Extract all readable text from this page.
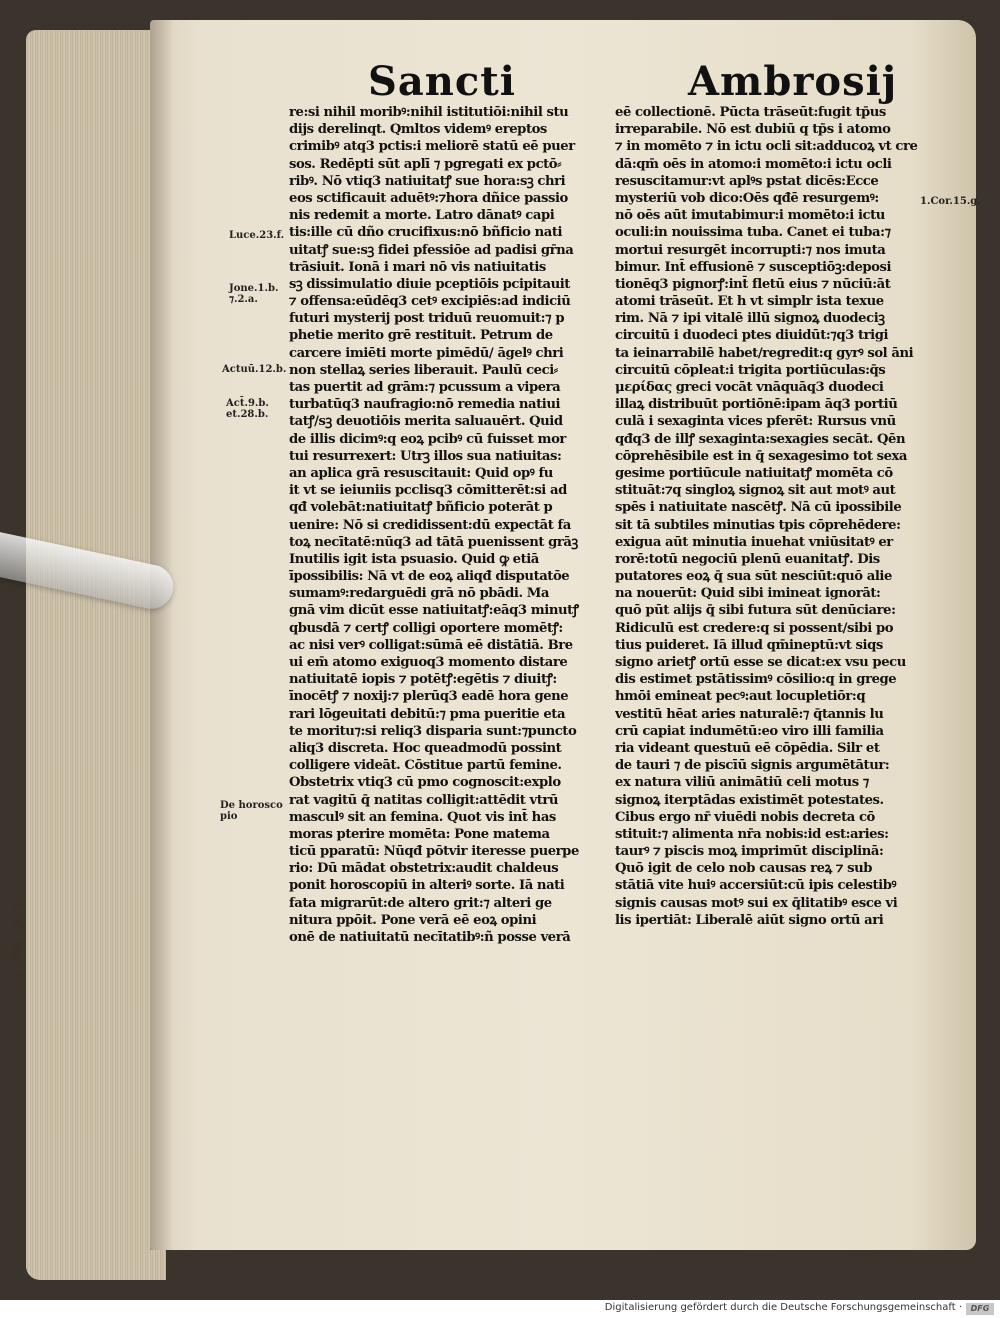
A · C · Ma · 1 1
Sancti	Ambrosij
re:si nihil moribꝰ:nihil istitutiōi:nihil stu
dijs derelinqt. Qmltos videmꝰ ereptos
crimibꝰ atq3 pctis:i meliorē statū eē puer
sos. Redēpti sūt aplī ⁊ pgregati ex pctō⸗
ribꝰ. Nō vtiq3 natiuitatꝭ sue hora:sꝫ chri
eos sctificauit aduētꝰ:⁊hora dñice passio
nis redemit a morte. Latro dānatꝰ capi
tis:ille cū dño crucifixus:nō bñficio nati
uitatꝭ sue:sꝫ fidei pfessiōe ad padisi gr̄na
trāsiuit. Ionā i mari nō vis natiuitatis
sꝫ dissimulatio diuie pceptiōis pcipitauit
⁊ offensa:eūdēq3 cetꝰ excipiēs:ad indiciū
futuri mysterij post triduū reuomuit:⁊ p
phetie merito grē restituit. Petrum de
carcere imiēti morte pimēdū/ āgelꝰ chri
non stellaꝝ series liberauit. Paulū ceci⸗
tas puertit ad grām:⁊ pcussum a vipera
turbatūq3 naufragio:nō remedia natiui
tatꝭ/sꝫ deuotiōis merita saluauērt. Quid
de illis dicimꝰ:q eoꝝ pcibꝰ cū fuisset mor
tui resurrexert: Utrꝫ illos sua natiuitas:
an aplica grā resuscitauit: Quid opꝰ fu
it vt se ieiuniis pcclisq3 cōmitterēt:si ad
qđ volebāt:natiuitatꝭ bñficio poterāt p
uenire: Nō si credidissent:dū expectāt fa
toꝝ necītatē:nūq3 ad tātā puenissent grāꝫ
Inutilis igit ista psuasio. Quid ꝙ etiā
īpossibilis: Nā vt de eoꝝ aliqđ disputatōe
sumamꝰ:redarguēdi grā nō pbādi. Ma
gnā vim dicūt esse natiuitatꝭ:eāq3 minutꝭ
qbusdā ⁊ certꝭ colligi oportere momētꝭ:
ac nisi verꝰ colligat:sūmā eē distātiā. Bre
ui em̄ atomo exiguoq3 momento distare
natiuitatē iopis ⁊ potētꝭ:egētis ⁊ diuitꝭ:
īnocētꝭ ⁊ noxij:⁊ plerūq3 eadē hora gene
rari lōgeuitati debitū:⁊ pma pueritie eta
te moritu⁊:si reliq3 disparia sunt:⁊puncto
aliq3 discreta. Hoc queadmodū possint
colligere videāt. Cōstitue partū femine.
Obstetrix vtiq3 cū pmo cognoscit:explo
rat vagitū q̄ natitas colligit:attēdit vtrū
masculꝰ sit an femina. Quot vis int̄ has
moras pterire momēta: Pone matema
ticū pparatū: Nūqđ pōtvir iteresse puerpe
rio: Dū mādat obstetrix:audit chaldeus
ponit horoscopiū in alteriꝰ sorte. Iā nati
fata migrarūt:de altero grit:⁊ alteri ge
nitura ppōit. Pone verā eē eoꝝ opini
onē de natiuitatū necītatibꝰ:ñ posse verā
eē collectionē. Pūcta trāseūt:fugit tp̄us
irreparabile. Nō est dubiū q tp̄s i atomo
⁊ in momēto ⁊ in ictu ocli sit:adducoꝝ vt cre
dā:qm̄ oēs in atomo:i momēto:i ictu ocli
resuscitamur:vt aplꝰs pstat dicēs:Ecce
mysteriū vob dico:Oēs qđē resurgemꝰ:
nō oēs aūt imutabimur:i momēto:i ictu
oculi:in nouissima tuba. Canet ei tuba:⁊
mortui resurgēt incorrupti:⁊ nos imuta
bimur. Int̄ effusionē ⁊ susceptiōꝫ:deposi
tionēq3 pignorꝭ:int̄ fletū eius ⁊ nūciū:āt
atomi trāseūt. Et h vt simplr ista texue
rim. Nā ⁊ ipi vitalē illū signoꝝ duodeciꝫ
circuitū i duodeci ptes diuidūt:⁊q3 trigi
ta ieinarrabilē habet/regredit:q gyrꝰ sol āni
circuitū cōpleat:i trigita portiūculas:q̄s
μερίδας greci vocāt vnāquāq3 duodeci
illaꝝ distribuūt portiōnē:ipam āq3 portiū
culā i sexaginta vices pferēt: Rursus vnū
qđq3 de illꝭ sexaginta:sexagies secāt. Qēn
cōprehēsibile est in q̄ sexagesimo tot sexa
gesime portiūcule natiuitatꝭ momēta cō
stituāt:⁊q singloꝝ signoꝝ sit aut motꝰ aut
spēs i natiuitate nascētꝭ. Nā cū ipossibile
sit tā subtiles minutias tpis cōprehēdere:
exigua aūt minutia inuehat vniūsitatꝰ er
rorē:totū negociū plenū euanitatꝭ. Dis
putatores eoꝝ q̄ sua sūt nesciūt:quō alie
na nouerūt: Quid sibi imineat ignorāt:
quō pūt alijs q̄ sibi futura sūt denūciare:
Ridiculū est credere:q si possent/sibi po
tius puideret. Iā illud qm̄ineptū:vt siqs
signo arietꝭ ortū esse se dicat:ex vsu pecu
dis estimet pstātissimꝰ cōsilio:q in grege
hmōi emineat pecꝰ:aut locupletiōr:q
vestitū hēat aries naturalē:⁊ q̄tannis lu
crū capiat indumētū:eo viro illi familia
ria videant questuū eē cōpēdia. Silr et
de tauri ⁊ de piscīū signis argumētātur:
ex natura viliū animātiū celi motus ⁊
signoꝝ iterptādas existimēt potestates.
Cibus ergo nr̄ viuēdi nobis decreta cō
stituit:⁊ alimenta nr̄a nobis:id est:aries:
taurꝰ ⁊ piscis moꝝ imprimūt disciplinā:
Quō igit de celo nob causas reꝝ ⁊ sub
stātiā vite huiꝰ accersiūt:cū ipis celestibꝰ
signis causas motꝰ sui ex q̄litatibꝰ esce vi
lis ipertiāt: Liberalē aiūt signo ortū ari

Luce.23.f.

Jone.1.b.
⁊.2.a.

Actuū.12.b.

Act̄.9.b.
et.28.b.

De horosco
pio

1.Cor.15.g.

Digitalisierung gefördert durch die Deutsche Forschungsgemeinschaft ·	DFG
